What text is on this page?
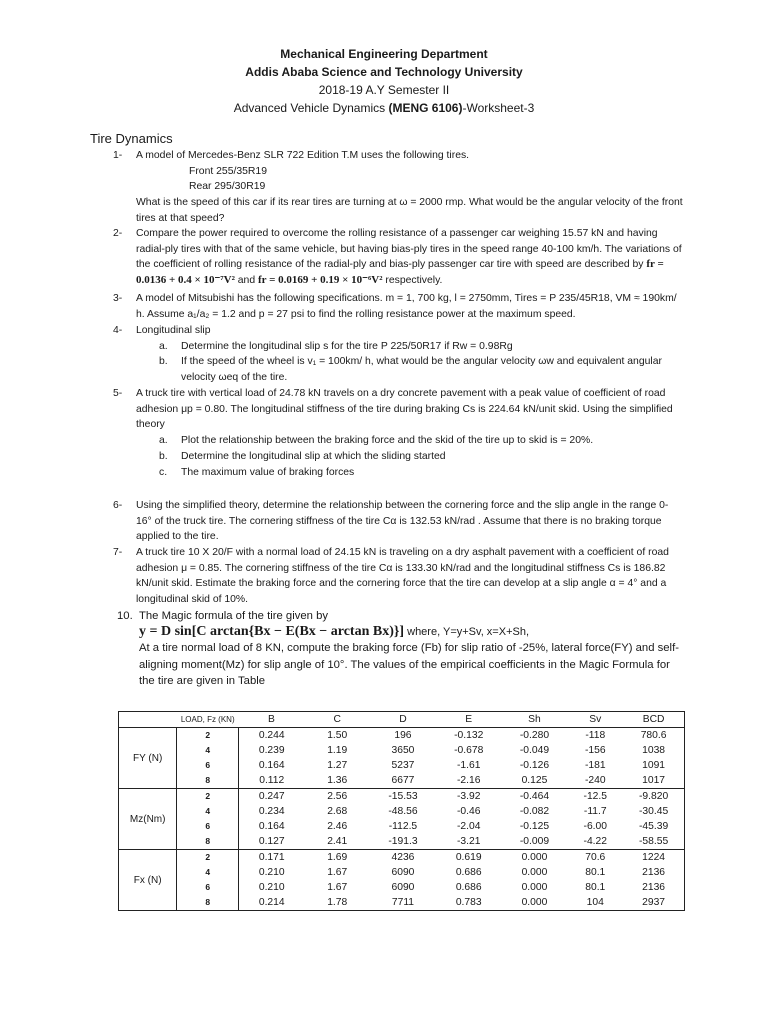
Mechanical Engineering Department
Addis Ababa Science and Technology University
2018-19 A.Y Semester II
Advanced Vehicle Dynamics (MENG 6106)-Worksheet-3
Tire Dynamics
1- A model of Mercedes-Benz SLR 722 Edition T.M uses the following tires.
Front 255/35R19
Rear 295/30R19
What is the speed of this car if its rear tires are turning at ω = 2000 rmp. What would be the angular velocity of the front tires at that speed?
2- Compare the power required to overcome the rolling resistance of a passenger car weighing 15.57 kN and having radial-ply tires with that of the same vehicle, but having bias-ply tires in the speed range 40-100 km/h. The variations of the coefficient of rolling resistance of the radial-ply and bias-ply passenger car tire with speed are described by fr = 0.0136 + 0.4 × 10⁻⁷V² and fr = 0.0169 + 0.19 × 10⁻⁶V² respectively.
3- A model of Mitsubishi has the following specifications. m = 1, 700 kg, l = 2750mm, Tires = P 235/45R18, VM ≈ 190km/ h. Assume a₁/a₂ = 1.2 and p = 27 psi to find the rolling resistance power at the maximum speed.
4- Longitudinal slip
a. Determine the longitudinal slip s for the tire P 225/50R17 if Rw = 0.98Rg
b. If the speed of the wheel is v₁ = 100km/ h, what would be the angular velocity ωw and equivalent angular velocity ωeq of the tire.
5- A truck tire with vertical load of 24.78 kN travels on a dry concrete pavement with a peak value of coefficient of road adhesion μp = 0.80. The longitudinal stiffness of the tire during braking Cs is 224.64 kN/unit skid. Using the simplified theory
a. Plot the relationship between the braking force and the skid of the tire up to skid is = 20%.
b. Determine the longitudinal slip at which the sliding started
c. The maximum value of braking forces
6- Using the simplified theory, determine the relationship between the cornering force and the slip angle in the range 0-16° of the truck tire. The cornering stiffness of the tire Cα is 132.53 kN/rad . Assume that there is no braking torque applied to the tire.
7- A truck tire 10 X 20/F with a normal load of 24.15 kN is traveling on a dry asphalt pavement with a coefficient of road adhesion μ = 0.85. The cornering stiffness of the tire Cα is 133.30 kN/rad and the longitudinal stiffness Cs is 186.82 kN/unit skid. Estimate the braking force and the cornering force that the tire can develop at a slip angle α = 4° and a longitudinal skid of 10%.
10. The Magic formula of the tire given by
y = D sin[C arctan{Bx − E(Bx − arctan Bx)}] where, Y=y+Sv, x=X+Sh,
At a tire normal load of 8 KN, compute the braking force (Fb) for slip ratio of -25%, lateral force(FY) and self-aligning moment(Mz) for slip angle of 10°. The values of the empirical coefficients in the Magic Formula for the tire are given in Table
	LOAD, Fz (KN)	B	C	D	E	Sh	Sv	BCD
FY (N)	2	0.244	1.50	196	-0.132	-0.280	-118	780.6
	4	0.239	1.19	3650	-0.678	-0.049	-156	1038
	6	0.164	1.27	5237	-1.61	-0.126	-181	1091
	8	0.112	1.36	6677	-2.16	0.125	-240	1017
Mz(Nm)	2	0.247	2.56	-15.53	-3.92	-0.464	-12.5	-9.820
	4	0.234	2.68	-48.56	-0.46	-0.082	-11.7	-30.45
	6	0.164	2.46	-112.5	-2.04	-0.125	-6.00	-45.39
	8	0.127	2.41	-191.3	-3.21	-0.009	-4.22	-58.55
Fx (N)	2	0.171	1.69	4236	0.619	0.000	70.6	1224
	4	0.210	1.67	6090	0.686	0.000	80.1	2136
	6	0.210	1.67	6090	0.686	0.000	80.1	2136
	8	0.214	1.78	7711	0.783	0.000	104	2937
